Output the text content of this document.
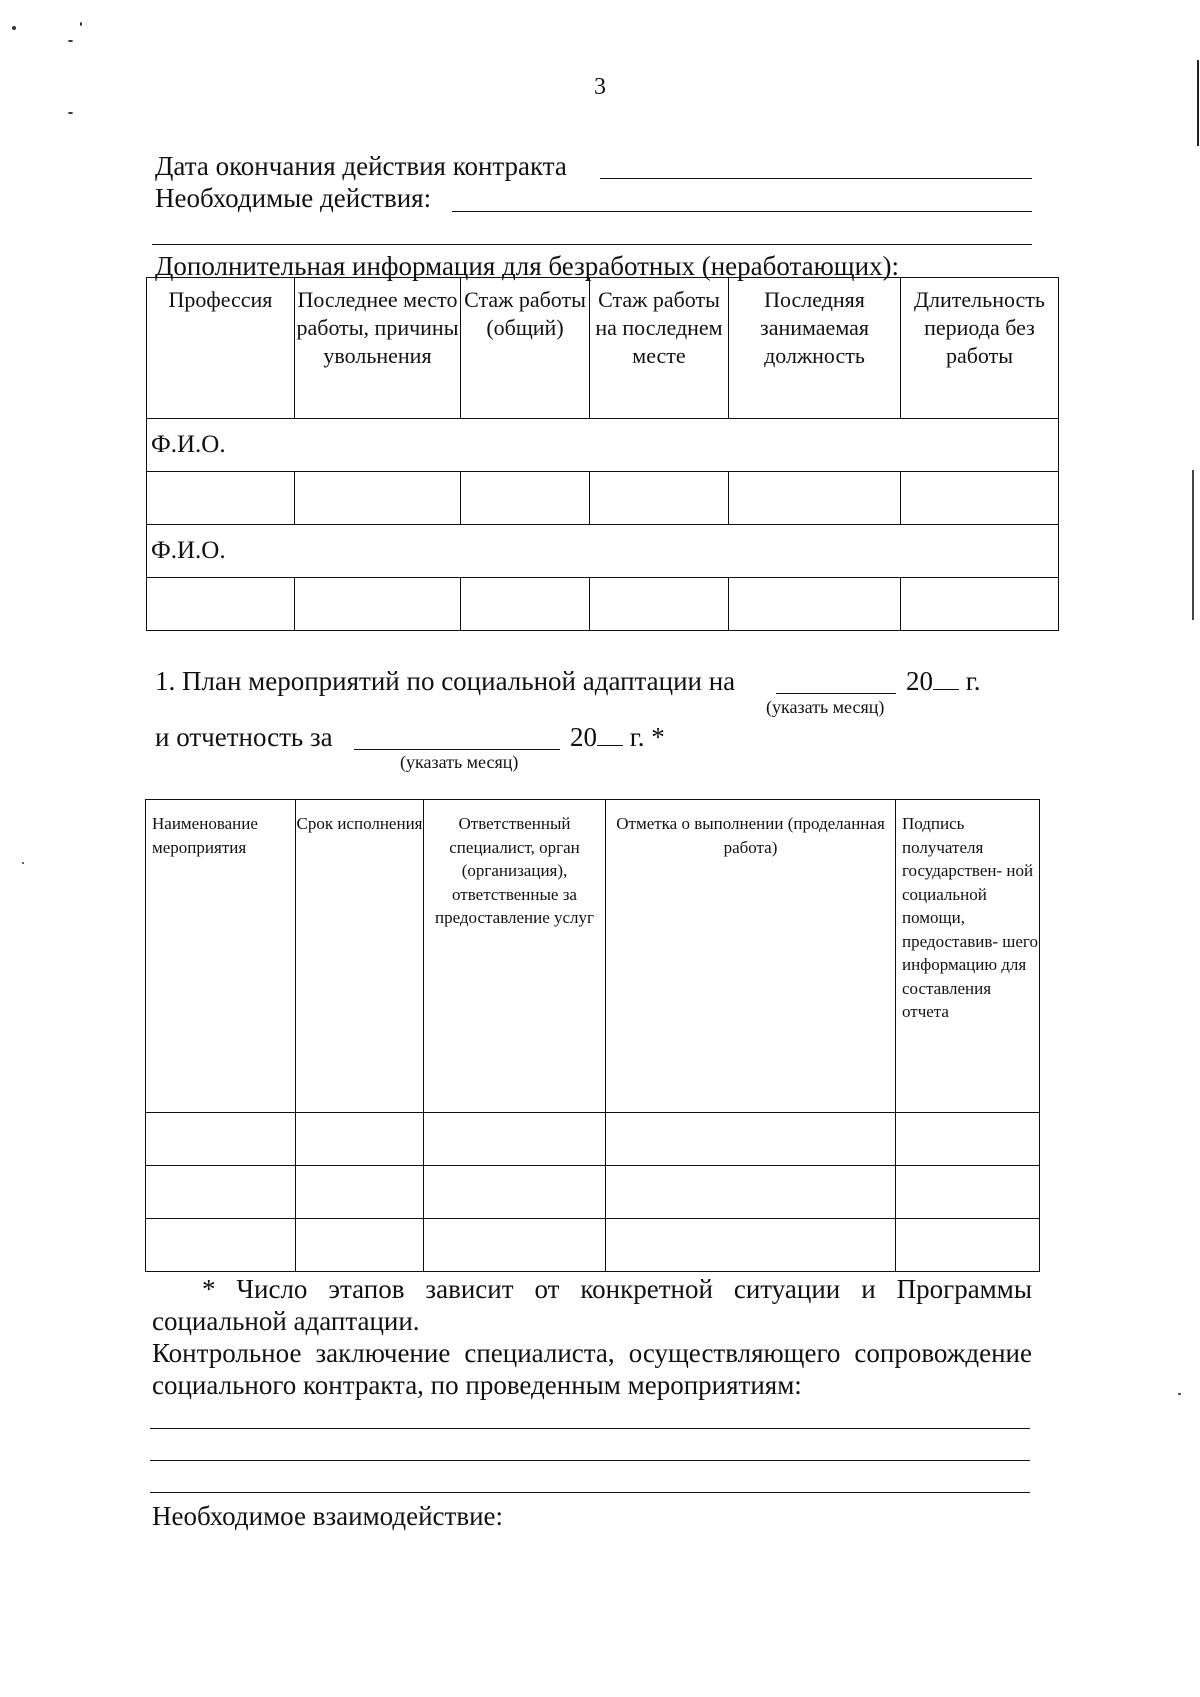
3
Дата окончания действия контракта
Необходимые действия:
Дополнительная информация для безработных (неработающих):
Профессия	Последнее место работы, причины увольнения	Стаж работы (общий)	Стаж работы на последнем месте	Последняя занимаемая должность	Длительность периода без работы
Ф.И.О.					

Ф.И.О.					

1. План мероприятий по социальной адаптации на	20 г.
(указать месяц)
и отчетность за	20 г. *
(указать месяц)
Наименование мероприятия	Срок исполнения	Ответственный специалист, орган (организация), ответственные за предоставление услуг	Отметка о выполнении (проделанная работа)	Подпись получателя государствен- ной социальной помощи, предоставив- шего информацию для составления отчета

* Число этапов зависит от конкретной ситуации и Программы социальной адаптации.
Контрольное заключение специалиста, осуществляющего сопровождение социального контракта, по проведенным мероприятиям:
Необходимое взаимодействие:
